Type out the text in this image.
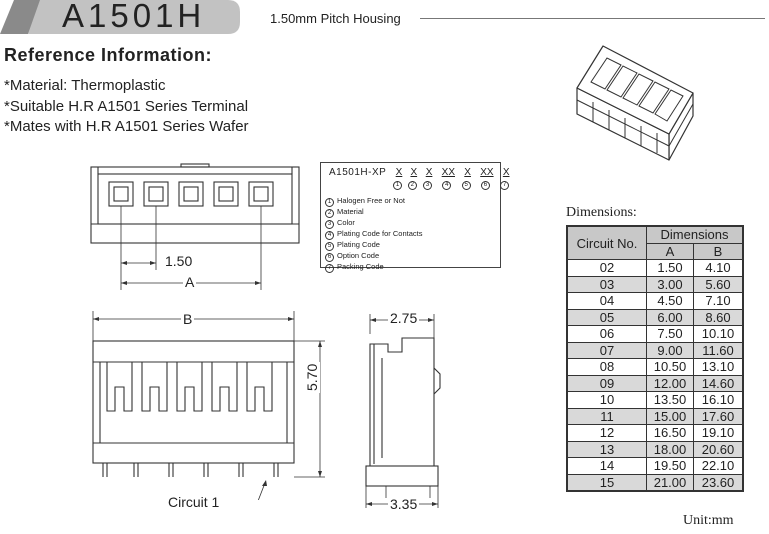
A1501H	1.50mm Pitch Housing
Reference Information:
*Material: Thermoplastic
*Suitable H.R A1501 Series Terminal
*Mates with H.R A1501 Series Wafer
1.50
A
B
5.70
Circuit 1
2.75
3.35
A1501H-XP X X X XX X XX X
1 2 3	4	5	6	7
1 Halogen Free or Not
2 Material
3 Color
4 Plating Code for Contacts
5 Plating Code
6 Option Code
7 Packing Code
Dimensions:
Circuit No.	Dimensions	
	A	B
02	1.50	4.10
03	3.00	5.60
04	4.50	7.10
05	6.00	8.60
06	7.50	10.10
07	9.00	11.60
08	10.50	13.10
09	12.00	14.60
10	13.50	16.10
11	15.00	17.60
12	16.50	19.10
13	18.00	20.60
14	19.50	22.10
15	21.00	23.60
Unit:mm
